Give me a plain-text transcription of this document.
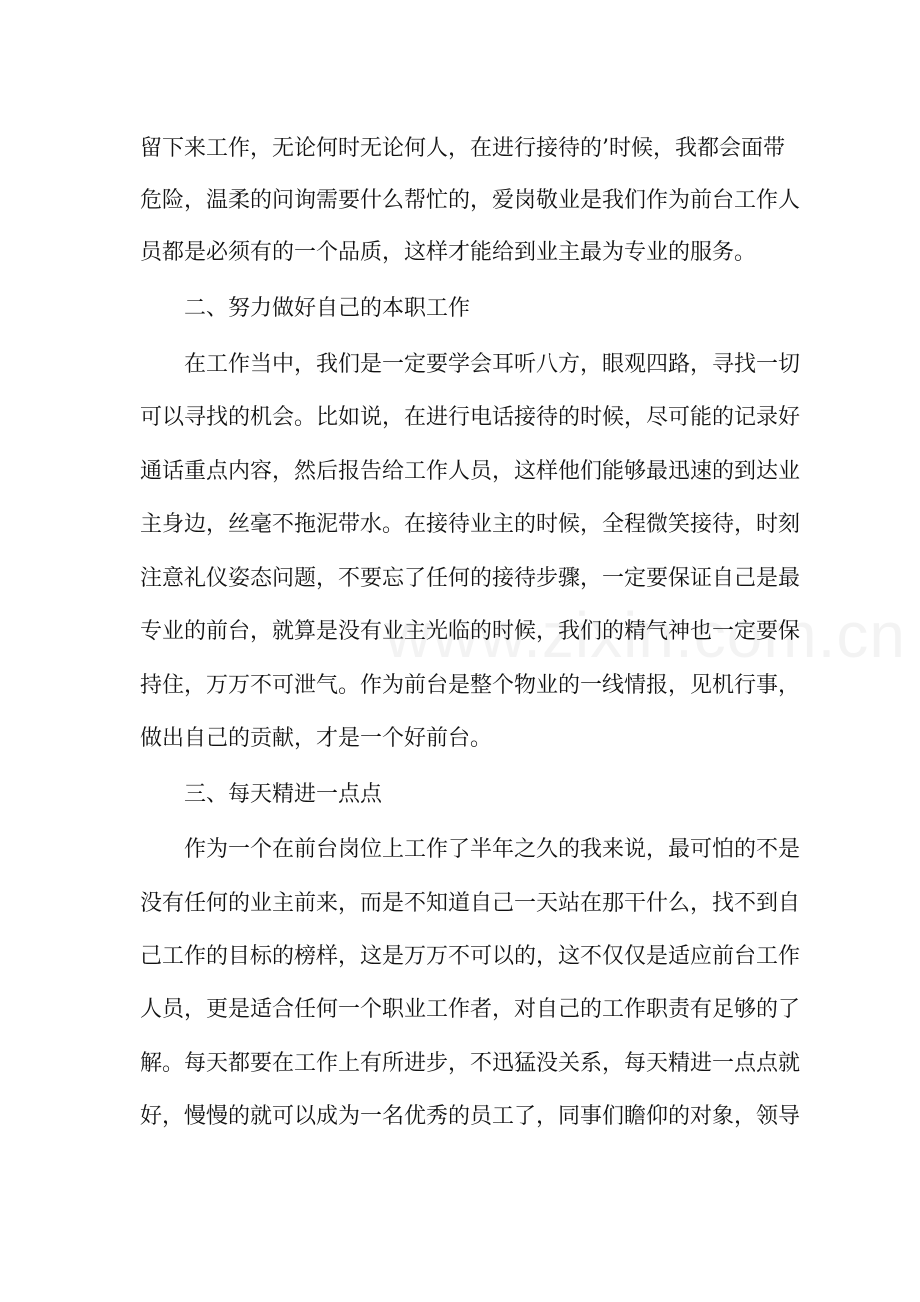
留下来工作，无论何时无论何人，在进行接待的’时候，我都会面带

危险，温柔的问询需要什么帮忙的，爱岗敬业是我们作为前台工作人

员都是必须有的一个品质，这样才能给到业主最为专业的服务。

二、努力做好自己的本职工作

在工作当中，我们是一定要学会耳听八方，眼观四路，寻找一切

可以寻找的机会。比如说，在进行电话接待的时候，尽可能的记录好

通话重点内容，然后报告给工作人员，这样他们能够最迅速的到达业

主身边，丝毫不拖泥带水。在接待业主的时候，全程微笑接待，时刻

注意礼仪姿态问题，不要忘了任何的接待步骤，一定要保证自己是最

专业的前台，就算是没有业主光临的时候，我们的精气神也一定要保

持住，万万不可泄气。作为前台是整个物业的一线情报，见机行事，

做出自己的贡献，才是一个好前台。

三、每天精进一点点

作为一个在前台岗位上工作了半年之久的我来说，最可怕的不是

没有任何的业主前来，而是不知道自己一天站在那干什么，找不到自

己工作的目标的榜样，这是万万不可以的，这不仅仅是适应前台工作

人员，更是适合任何一个职业工作者，对自己的工作职责有足够的了

解。每天都要在工作上有所进步，不迅猛没关系，每天精进一点点就

好，慢慢的就可以成为一名优秀的员工了，同事们瞻仰的对象，领导
